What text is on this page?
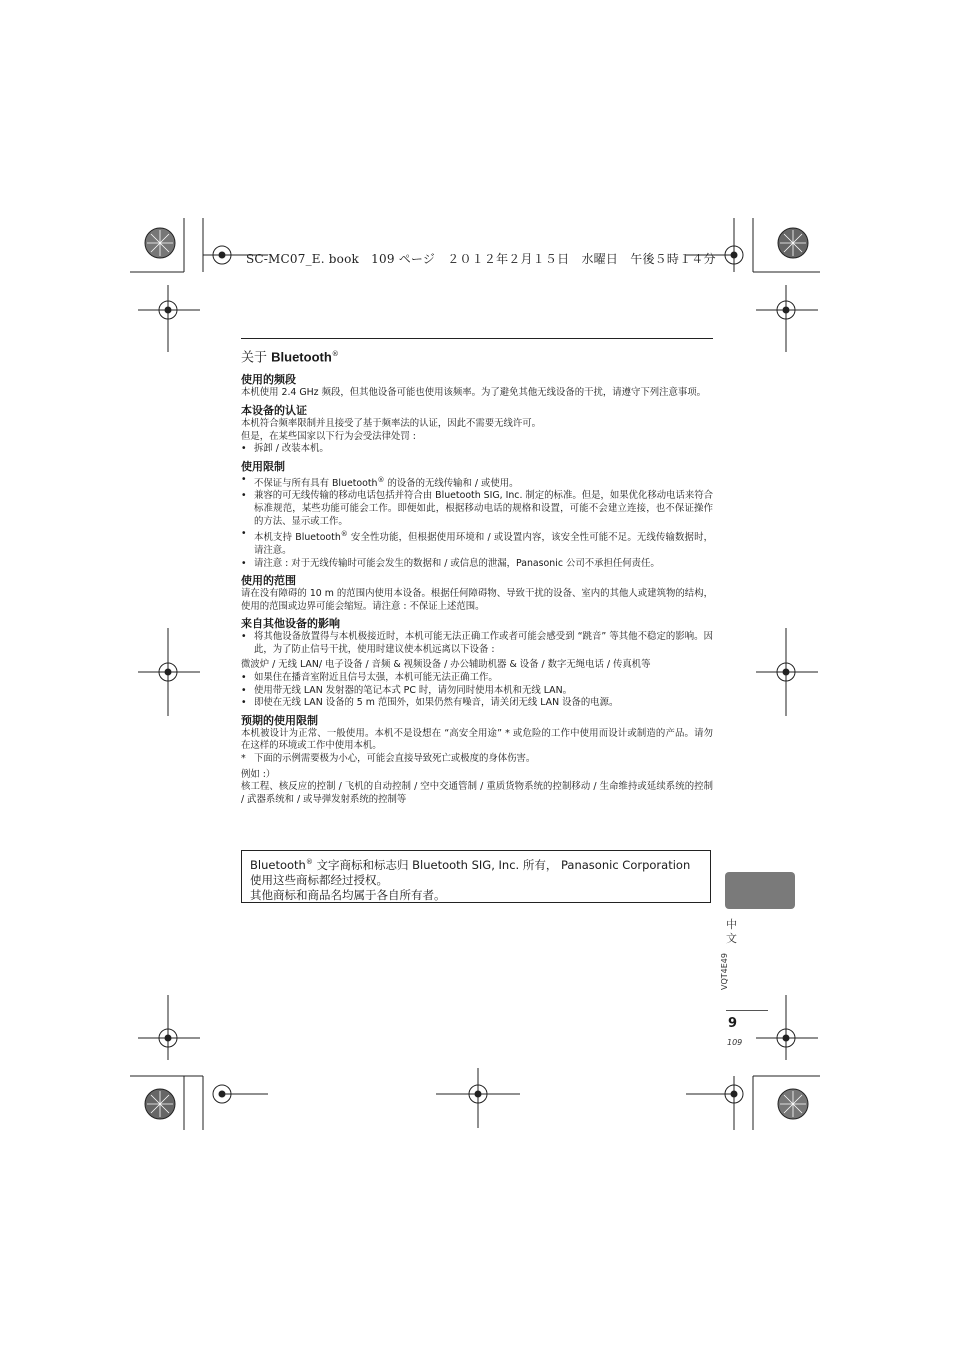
SC-MC07_E. book　109 ページ　２０１２年２月１５日　水曜日　午後５時１４分
关于 Bluetooth®
使用的频段

本机使用 2.4 GHz 频段，但其他设备可能也使用该频率。为了避免其他无线设备的干扰，请遵守下列注意事项。

本设备的认证

本机符合频率限制并且接受了基于频率法的认证，因此不需要无线许可。

但是，在某些国家以下行为会受法律处罚 :

• 拆卸 / 改装本机。
使用限制
• 不保证与所有具有 Bluetooth® 的设备的无线传输和 / 或使用。
• 兼容的可无线传输的移动电话包括并符合由 Bluetooth SIG, Inc. 制定的标准。但是，如果优化移动电话来符合标准规范，某些功能可能会工作。即便如此，根据移动电话的规格和设置，可能不会建立连接，也不保证操作的方法、显示或工作。
• 本机支持 Bluetooth® 安全性功能，但根据使用环境和 / 或设置内容，该安全性可能不足。无线传输数据时，请注意。
• 请注意 : 对于无线传输时可能会发生的数据和 / 或信息的泄漏，Panasonic 公司不承担任何责任。
使用的范围

请在没有障碍的 10 m 的范围内使用本设备。根据任何障碍物、导致干扰的设备、室内的其他人或建筑物的结构，使用的范围或边界可能会缩短。请注意 : 不保证上述范围。

来自其他设备的影响
• 将其他设备放置得与本机极接近时，本机可能无法正确工作或者可能会感受到 “跳音” 等其他不稳定的影响。因此，为了防止信号干扰，使用时建议使本机远离以下设备 :

微波炉 / 无线 LAN/ 电子设备 / 音频 & 视频设备 / 办公辅助机器 & 设备 / 数字无绳电话 / 传真机等

• 如果住在播音室附近且信号太强，本机可能无法正确工作。
• 使用带无线 LAN 发射器的笔记本式 PC 时，请勿同时使用本机和无线 LAN。
• 即使在无线 LAN 设备的 5 m 范围外，如果仍然有噪音，请关闭无线 LAN 设备的电源。
预期的使用限制

本机被设计为正常、一般使用。本机不是设想在 “高安全用途” * 或危险的工作中使用而设计或制造的产品。请勿在这样的环境或工作中使用本机。

* 下面的示例需要极为小心，可能会直接导致死亡或极度的身体伤害。

例如 :）

核工程、核反应的控制 / 飞机的自动控制 / 空中交通管制 / 重质货物系统的控制移动 / 生命维持或延续系统的控制 / 武器系统和 / 或导弹发射系统的控制等

Bluetooth® 文字商标和标志归 Bluetooth SIG, Inc. 所有， Panasonic Corporation
使用这些商标都经过授权。
其他商标和商品名均属于各自所有者。
中文
VQT4E49
9
109
